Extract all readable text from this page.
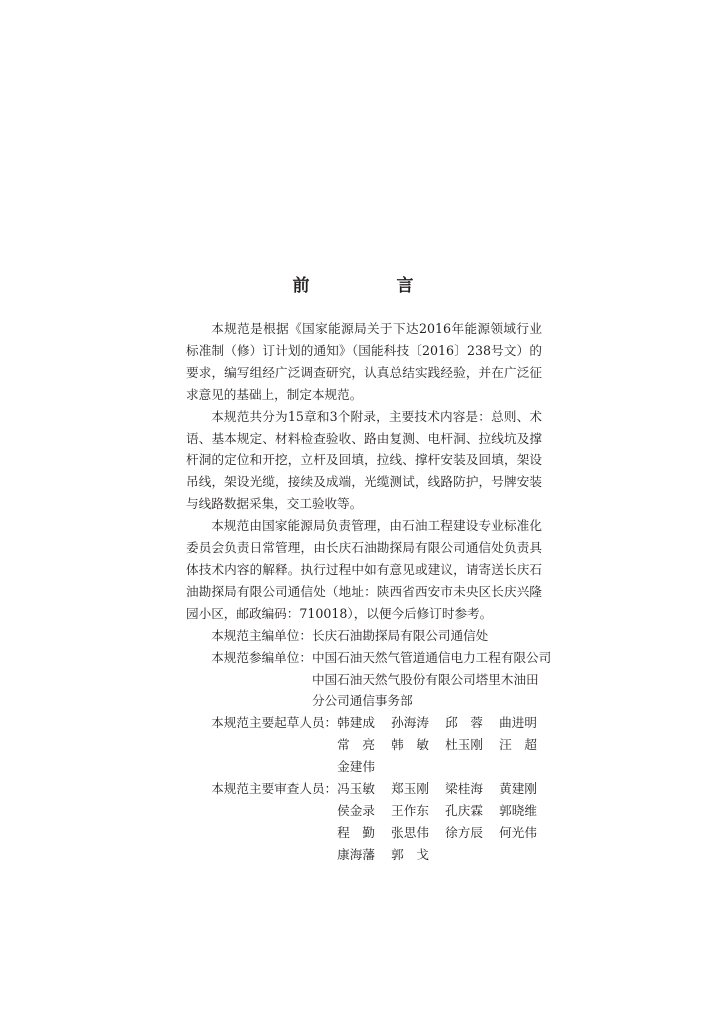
前　言

本规范是根据《国家能源局关于下达2016年能源领域行业标准制（修）订计划的通知》（国能科技〔2016〕238号文）的要求，编写组经广泛调查研究，认真总结实践经验，并在广泛征求意见的基础上，制定本规范。

本规范共分为15章和3个附录，主要技术内容是：总则、术语、基本规定、材料检查验收、路由复测、电杆洞、拉线坑及撑杆洞的定位和开挖，立杆及回填，拉线、撑杆安装及回填，架设吊线，架设光缆，接续及成端，光缆测试，线路防护，号牌安装与线路数据采集，交工验收等。

本规范由国家能源局负责管理，由石油工程建设专业标准化委员会负责日常管理，由长庆石油勘探局有限公司通信处负责具体技术内容的解释。执行过程中如有意见或建议，请寄送长庆石油勘探局有限公司通信处（地址：陕西省西安市未央区长庆兴隆园小区，邮政编码：710018），以便今后修订时参考。

本规范主编单位： 长庆石油勘探局有限公司通信处
本规范参编单位： 中国石油天然气管道通信电力工程有限公司
中国石油天然气股份有限公司塔里木油田
分公司通信事务部
本规范主要起草人员： 韩建成	孙海涛	邱　蓉	曲进明
常　亮	韩　敏	杜玉刚	汪　超
金建伟
本规范主要审查人员： 冯玉敏	郑玉刚	梁桂海	黄建刚
侯金录	王作东	孔庆霖	郭晓维
程　勤	张思伟	徐方辰	何光伟
康海藩	郭　戈
